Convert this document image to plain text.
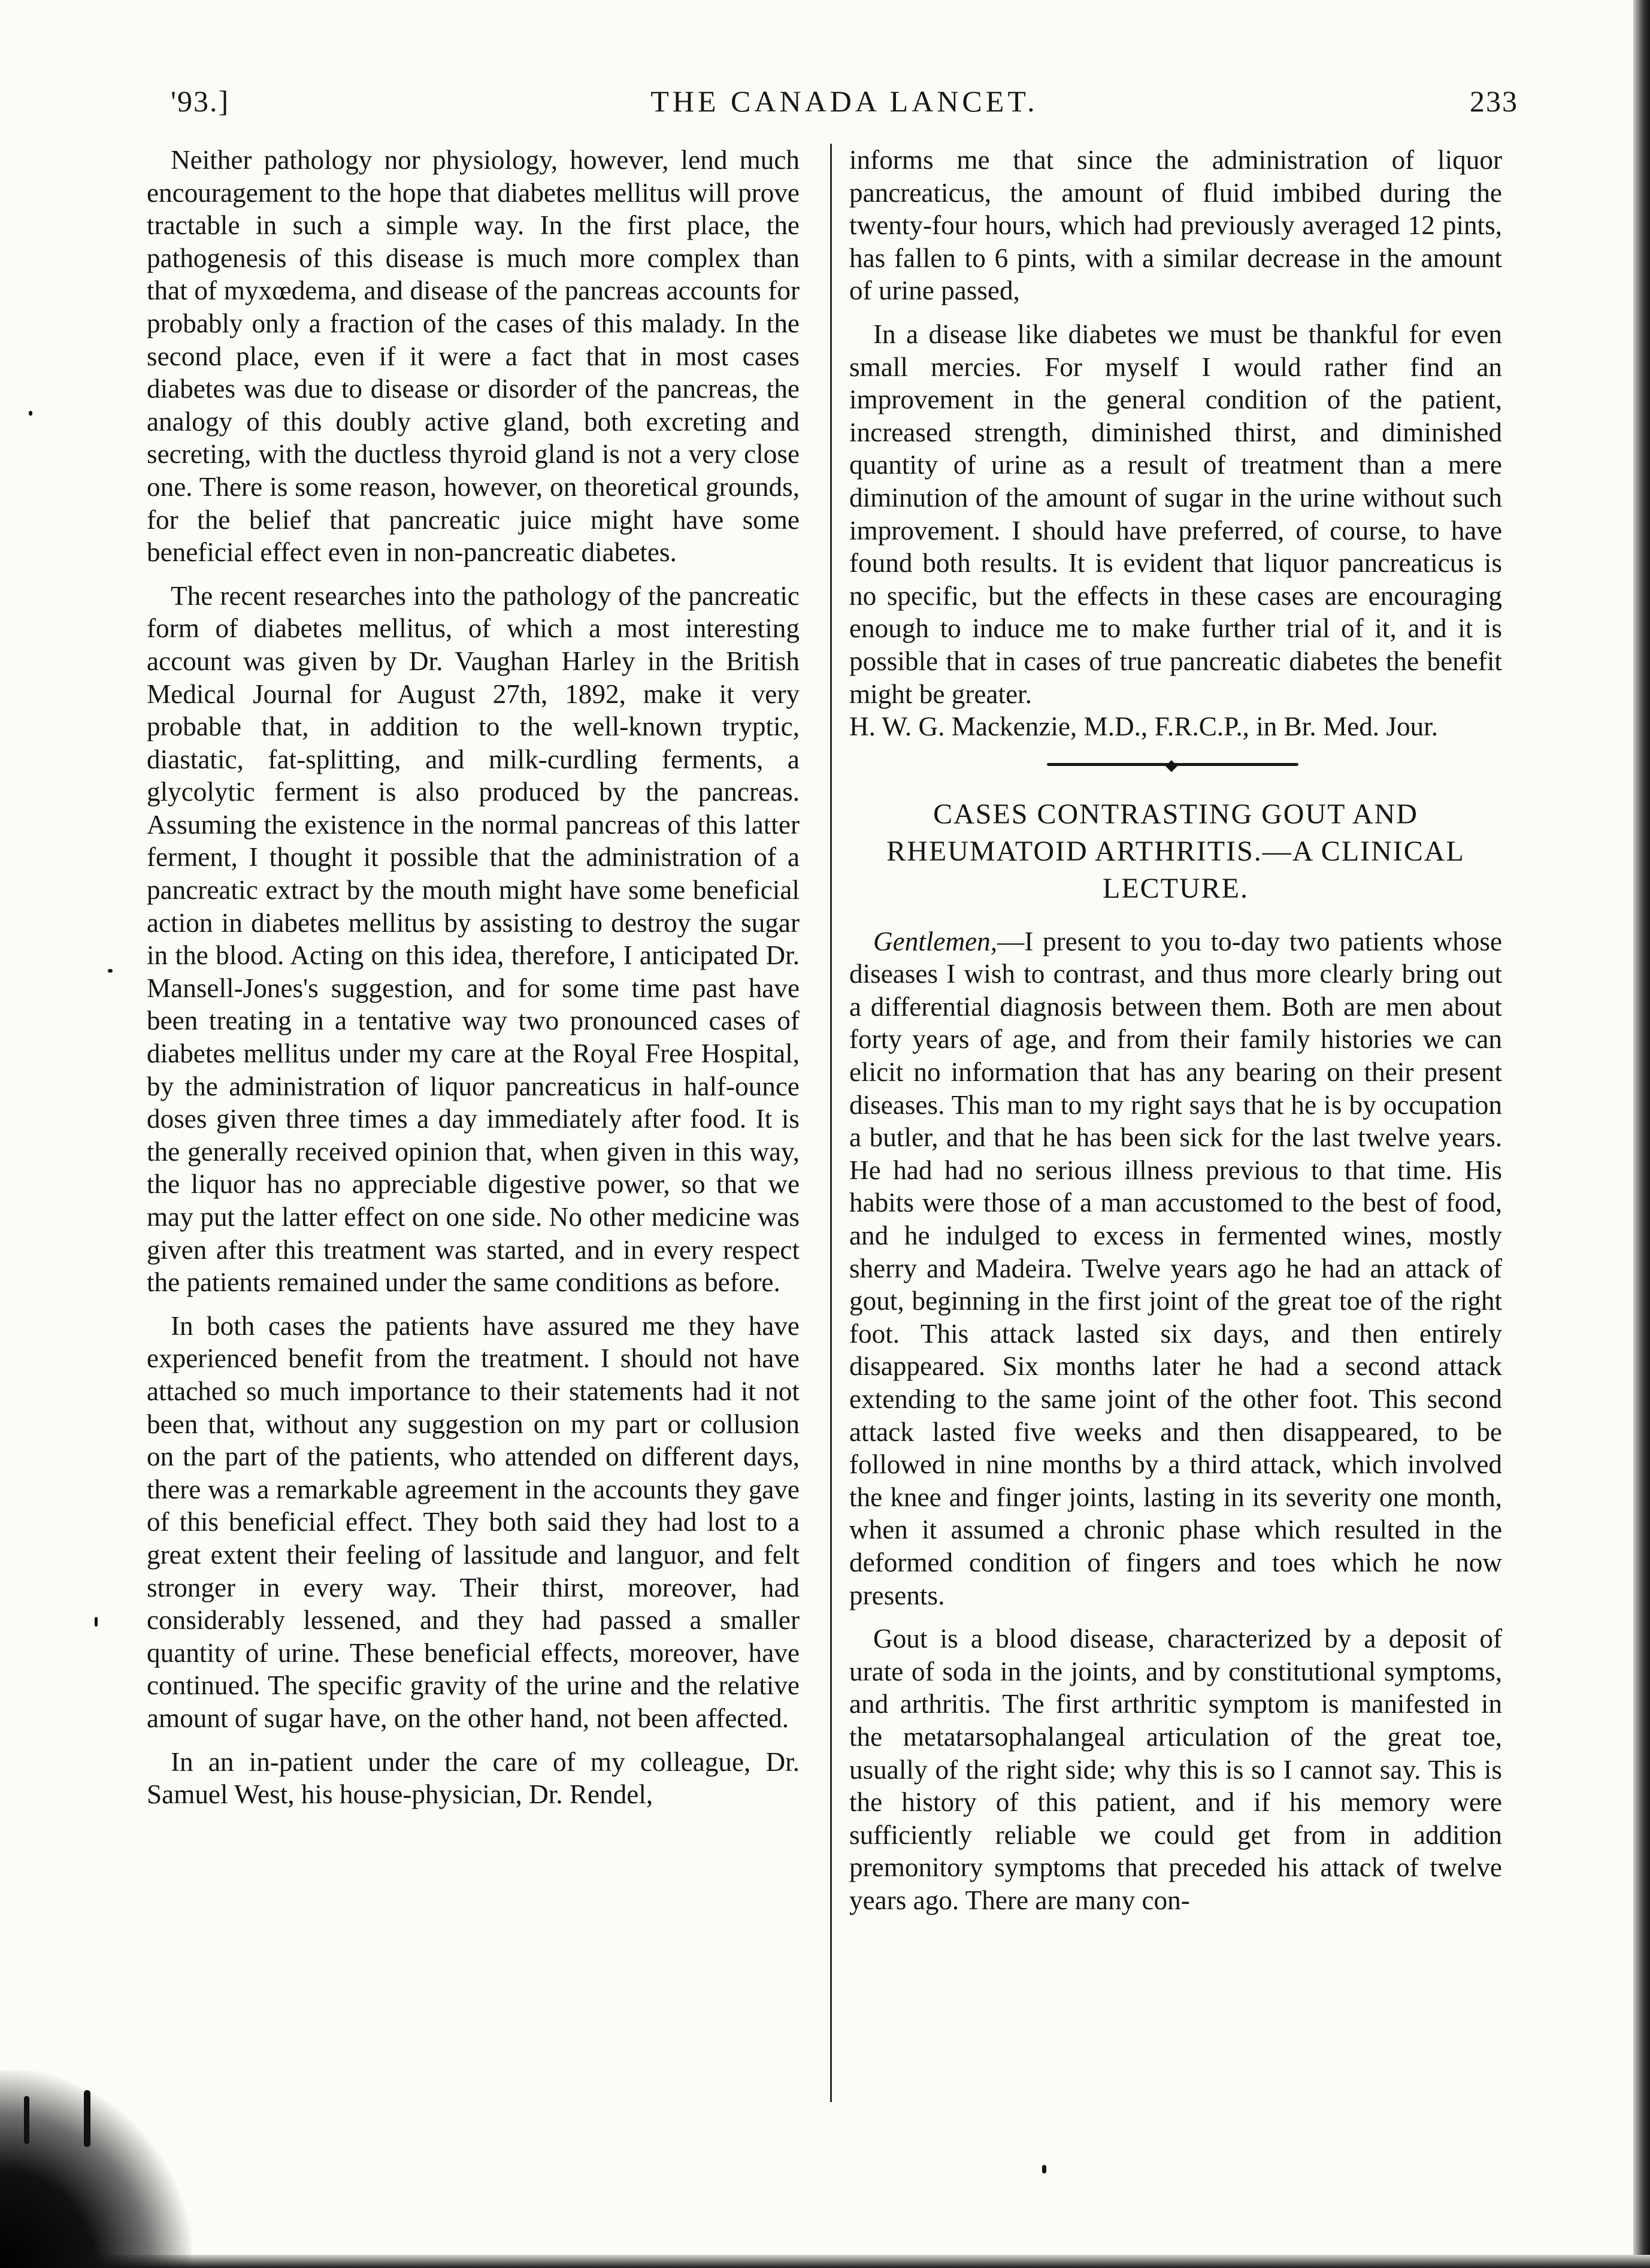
'93.]	THE CANADA LANCET.	233

Neither pathology nor physiology, however, lend much encouragement to the hope that diabetes mellitus will prove tractable in such a simple way. In the first place, the pathogenesis of this disease is much more complex than that of myxœdema, and disease of the pancreas accounts for probably only a fraction of the cases of this malady. In the second place, even if it were a fact that in most cases diabetes was due to disease or disorder of the pancreas, the analogy of this doubly active gland, both excreting and secreting, with the ductless thyroid gland is not a very close one. There is some reason, however, on theoretical grounds, for the belief that pancreatic juice might have some beneficial effect even in non-pancreatic diabetes.

The recent researches into the pathology of the pancreatic form of diabetes mellitus, of which a most interesting account was given by Dr. Vaughan Harley in the British Medical Journal for August 27th, 1892, make it very probable that, in addition to the well-known tryptic, diastatic, fat-splitting, and milk-curdling ferments, a glycolytic ferment is also produced by the pancreas. Assuming the existence in the normal pancreas of this latter ferment, I thought it possible that the administration of a pancreatic extract by the mouth might have some beneficial action in diabetes mellitus by assisting to destroy the sugar in the blood. Acting on this idea, therefore, I anticipated Dr. Mansell-Jones's suggestion, and for some time past have been treating in a tentative way two pronounced cases of diabetes mellitus under my care at the Royal Free Hospital, by the administration of liquor pancreaticus in half-ounce doses given three times a day immediately after food. It is the generally received opinion that, when given in this way, the liquor has no appreciable digestive power, so that we may put the latter effect on one side. No other medicine was given after this treatment was started, and in every respect the patients remained under the same conditions as before.

In both cases the patients have assured me they have experienced benefit from the treatment. I should not have attached so much importance to their statements had it not been that, without any suggestion on my part or collusion on the part of the patients, who attended on different days, there was a remarkable agreement in the accounts they gave of this beneficial effect. They both said they had lost to a great extent their feeling of lassitude and languor, and felt stronger in every way. Their thirst, moreover, had considerably lessened, and they had passed a smaller quantity of urine. These beneficial effects, moreover, have continued. The specific gravity of the urine and the relative amount of sugar have, on the other hand, not been affected.

In an in-patient under the care of my colleague, Dr. Samuel West, his house-physician, Dr. Rendel,

informs me that since the administration of liquor pancreaticus, the amount of fluid imbibed during the twenty-four hours, which had previously averaged 12 pints, has fallen to 6 pints, with a similar decrease in the amount of urine passed,

In a disease like diabetes we must be thankful for even small mercies. For myself I would rather find an improvement in the general condition of the patient, increased strength, diminished thirst, and diminished quantity of urine as a result of treatment than a mere diminution of the amount of sugar in the urine without such improvement. I should have preferred, of course, to have found both results. It is evident that liquor pancreaticus is no specific, but the effects in these cases are encouraging enough to induce me to make further trial of it, and it is possible that in cases of true pancreatic diabetes the benefit might be greater.

H. W. G. Mackenzie, M.D., F.R.C.P., in Br. Med. Jour.

◆
CASES CONTRASTING GOUT AND RHEUMATOID ARTHRITIS.—A CLINICAL LECTURE.

Gentlemen,—I present to you to-day two patients whose diseases I wish to contrast, and thus more clearly bring out a differential diagnosis between them. Both are men about forty years of age, and from their family histories we can elicit no information that has any bearing on their present diseases. This man to my right says that he is by occupation a butler, and that he has been sick for the last twelve years. He had had no serious illness previous to that time. His habits were those of a man accustomed to the best of food, and he indulged to excess in fermented wines, mostly sherry and Madeira. Twelve years ago he had an attack of gout, beginning in the first joint of the great toe of the right foot. This attack lasted six days, and then entirely disappeared. Six months later he had a second attack extending to the same joint of the other foot. This second attack lasted five weeks and then disappeared, to be followed in nine months by a third attack, which involved the knee and finger joints, lasting in its severity one month, when it assumed a chronic phase which resulted in the deformed condition of fingers and toes which he now presents.

Gout is a blood disease, characterized by a deposit of urate of soda in the joints, and by constitutional symptoms, and arthritis. The first arthritic symptom is manifested in the metatarsophalangeal articulation of the great toe, usually of the right side; why this is so I cannot say. This is the history of this patient, and if his memory were sufficiently reliable we could get from in addition premonitory symptoms that preceded his attack of twelve years ago. There are many con-
